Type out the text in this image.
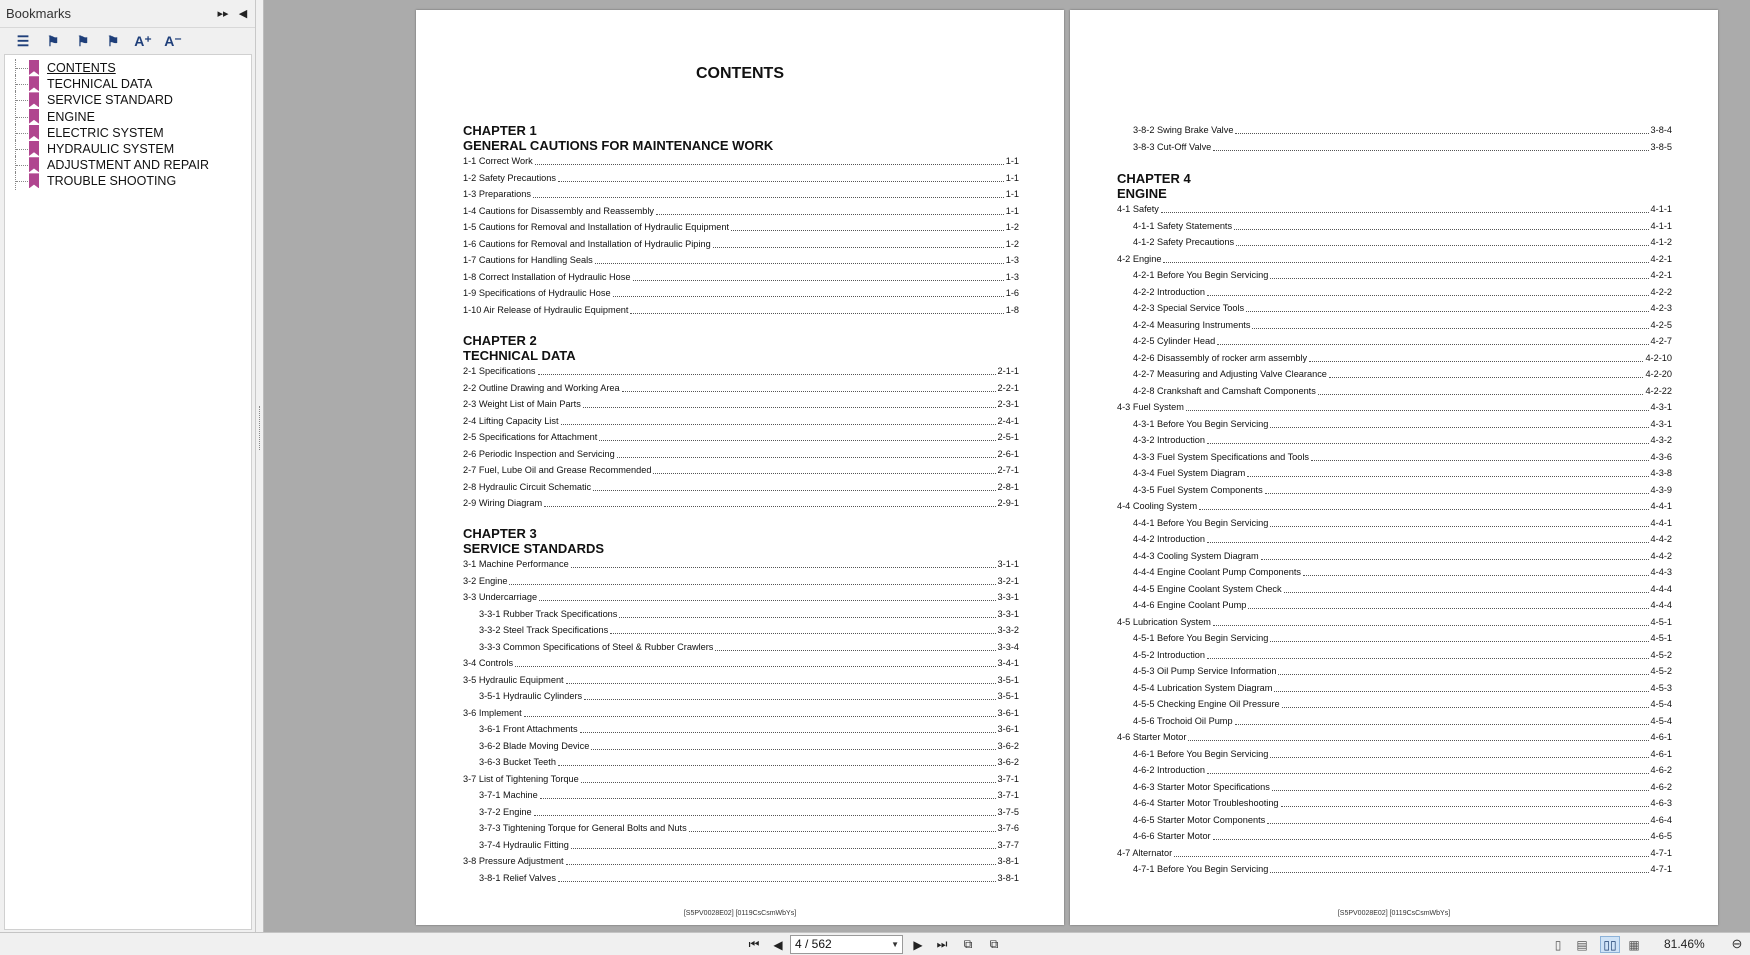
Bookmarks	▸▸ ◀
☰	⚑	⚑	⚑	A⁺ A⁻
CONTENTS
TECHNICAL DATA
SERVICE STANDARD
ENGINE
ELECTRIC SYSTEM
HYDRAULIC SYSTEM
ADJUSTMENT AND REPAIR
TROUBLE SHOOTING
CONTENTS
CHAPTER 1
GENERAL CAUTIONS FOR MAINTENANCE WORK
1-1 Correct Work	1-1
1-2 Safety Precautions	1-1
1-3 Preparations	1-1
1-4 Cautions for Disassembly and Reassembly	1-1
1-5 Cautions for Removal and Installation of Hydraulic Equipment	1-2
1-6 Cautions for Removal and Installation of Hydraulic Piping	1-2
1-7 Cautions for Handling Seals	1-3
1-8 Correct Installation of Hydraulic Hose	1-3
1-9 Specifications of Hydraulic Hose	1-6
1-10 Air Release of Hydraulic Equipment	1-8
CHAPTER 2
TECHNICAL DATA
2-1 Specifications	2-1-1
2-2 Outline Drawing and Working Area	2-2-1
2-3 Weight List of Main Parts	2-3-1
2-4 Lifting Capacity List	2-4-1
2-5 Specifications for Attachment	2-5-1
2-6 Periodic Inspection and Servicing	2-6-1
2-7 Fuel, Lube Oil and Grease Recommended	2-7-1
2-8 Hydraulic Circuit Schematic	2-8-1
2-9 Wiring Diagram	2-9-1
CHAPTER 3
SERVICE STANDARDS
3-1 Machine Performance	3-1-1
3-2 Engine	3-2-1
3-3 Undercarriage	3-3-1
3-3-1 Rubber Track Specifications	3-3-1
3-3-2 Steel Track Specifications	3-3-2
3-3-3 Common Specifications of Steel & Rubber Crawlers	3-3-4
3-4 Controls	3-4-1
3-5 Hydraulic Equipment	3-5-1
3-5-1 Hydraulic Cylinders	3-5-1
3-6 Implement	3-6-1
3-6-1 Front Attachments	3-6-1
3-6-2 Blade Moving Device	3-6-2
3-6-3 Bucket Teeth	3-6-2
3-7 List of Tightening Torque	3-7-1
3-7-1 Machine	3-7-1
3-7-2 Engine	3-7-5
3-7-3 Tightening Torque for General Bolts and Nuts	3-7-6
3-7-4 Hydraulic Fitting	3-7-7
3-8 Pressure Adjustment	3-8-1
3-8-1 Relief Valves	3-8-1
[S5PV0028E02] [0119CsCsmWbYs]
3-8-2 Swing Brake Valve	3-8-4
3-8-3 Cut-Off Valve	3-8-5
CHAPTER 4
ENGINE
4-1 Safety	4-1-1
4-1-1 Safety Statements	4-1-1
4-1-2 Safety Precautions	4-1-2
4-2 Engine	4-2-1
4-2-1 Before You Begin Servicing	4-2-1
4-2-2 Introduction	4-2-2
4-2-3 Special Service Tools	4-2-3
4-2-4 Measuring Instruments	4-2-5
4-2-5 Cylinder Head	4-2-7
4-2-6 Disassembly of rocker arm assembly	4-2-10
4-2-7 Measuring and Adjusting Valve Clearance	4-2-20
4-2-8 Crankshaft and Camshaft Components	4-2-22
4-3 Fuel System	4-3-1
4-3-1 Before You Begin Servicing	4-3-1
4-3-2 Introduction	4-3-2
4-3-3 Fuel System Specifications and Tools	4-3-6
4-3-4 Fuel System Diagram	4-3-8
4-3-5 Fuel System Components	4-3-9
4-4 Cooling System	4-4-1
4-4-1 Before You Begin Servicing	4-4-1
4-4-2 Introduction	4-4-2
4-4-3 Cooling System Diagram	4-4-2
4-4-4 Engine Coolant Pump Components	4-4-3
4-4-5 Engine Coolant System Check	4-4-4
4-4-6 Engine Coolant Pump	4-4-4
4-5 Lubrication System	4-5-1
4-5-1 Before You Begin Servicing	4-5-1
4-5-2 Introduction	4-5-2
4-5-3 Oil Pump Service Information	4-5-2
4-5-4 Lubrication System Diagram	4-5-3
4-5-5 Checking Engine Oil Pressure	4-5-4
4-5-6 Trochoid Oil Pump	4-5-4
4-6 Starter Motor	4-6-1
4-6-1 Before You Begin Servicing	4-6-1
4-6-2 Introduction	4-6-2
4-6-3 Starter Motor Specifications	4-6-2
4-6-4 Starter Motor Troubleshooting	4-6-3
4-6-5 Starter Motor Components	4-6-4
4-6-6 Starter Motor	4-6-5
4-7 Alternator	4-7-1
4-7-1 Before You Begin Servicing	4-7-1
[S5PV0028E02] [0119CsCsmWbYs]
⏮	◀	▶	⏭	⧉	⧉
4 / 562	▼	▯	▤ ▯▯ ▦ 81.46% ⊖
